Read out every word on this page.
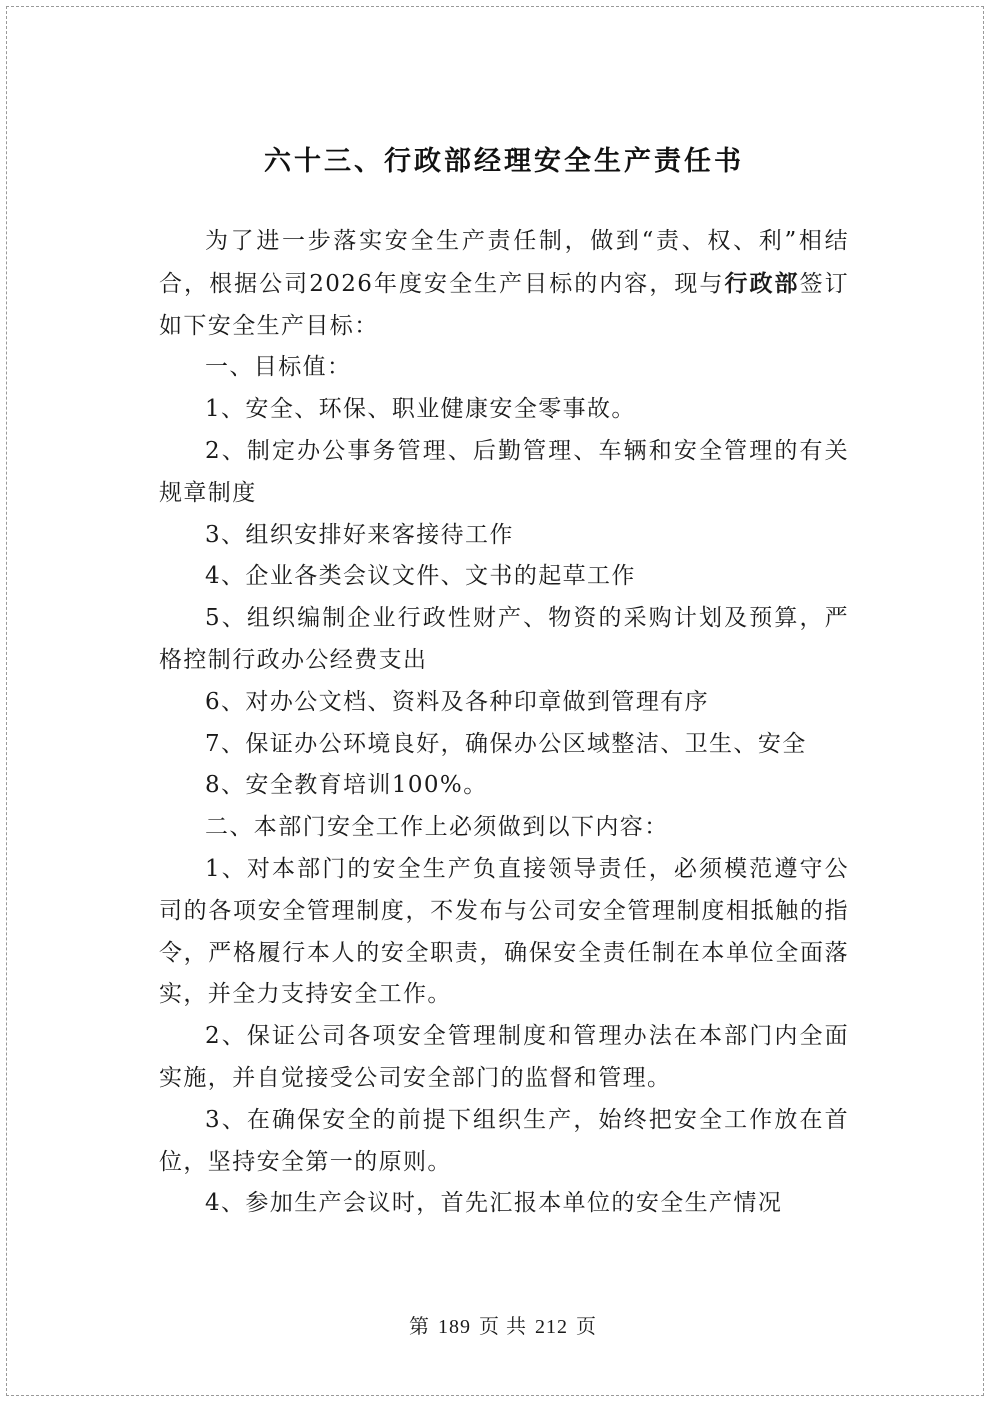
六十三、行政部经理安全生产责任书

为了进一步落实安全生产责任制，做到“责、权、利”相结合，根据公司2026年度安全生产目标的内容，现与行政部签订如下安全生产目标：

一、目标值：

1、安全、环保、职业健康安全零事故。

2、制定办公事务管理、后勤管理、车辆和安全管理的有关规章制度

3、组织安排好来客接待工作

4、企业各类会议文件、文书的起草工作

5、组织编制企业行政性财产、物资的采购计划及预算，严格控制行政办公经费支出

6、对办公文档、资料及各种印章做到管理有序

7、保证办公环境良好，确保办公区域整洁、卫生、安全

8、安全教育培训100%。

二、本部门安全工作上必须做到以下内容：

1、对本部门的安全生产负直接领导责任，必须模范遵守公司的各项安全管理制度，不发布与公司安全管理制度相抵触的指令，严格履行本人的安全职责，确保安全责任制在本单位全面落实，并全力支持安全工作。

2、保证公司各项安全管理制度和管理办法在本部门内全面实施，并自觉接受公司安全部门的监督和管理。

3、在确保安全的前提下组织生产，始终把安全工作放在首位，坚持安全第一的原则。

4、参加生产会议时，首先汇报本单位的安全生产情况

第 189 页 共 212 页
